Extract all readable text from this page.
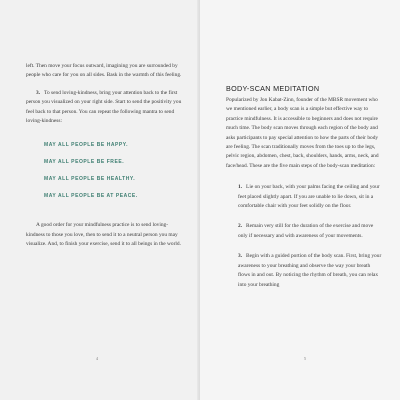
left. Then move your focus outward, imagining you are surrounded by people who care for you on all sides. Bask in the warmth of this feeling.

3. To send loving-kindness, bring your attention back to the first person you visualized on your right side. Start to send the positivity you feel back to that person. You can repeat the following mantra to send loving-kindness:

MAY ALL PEOPLE BE HAPPY.

MAY ALL PEOPLE BE FREE.

MAY ALL PEOPLE BE HEALTHY.

MAY ALL PEOPLE BE AT PEACE.

A good order for your mindfulness practice is to send loving-kindness to those you love, then to send it to a neutral person you may visualize. And, to finish your exercise, send it to all beings in the world.

4
BODY-SCAN MEDITATION

Popularized by Jon Kabat-Zinn, founder of the MBSR movement who we mentioned earlier, a body scan is a simple but effective way to practice mindfulness. It is accessible to beginners and does not require much time. The body scan moves through each region of the body and asks participants to pay special attention to how the parts of their body are feeling. The scan traditionally moves from the toes up to the legs, pelvic region, abdomen, chest, back, shoulders, hands, arms, neck, and face/head. These are the five main steps of the body-scan meditation:

1. Lie on your back, with your palms facing the ceiling and your feet placed slightly apart. If you are unable to lie down, sit in a comfortable chair with your feet solidly on the floor.

2. Remain very still for the duration of the exercise and move only if necessary and with awareness of your movements.

3. Begin with a guided portion of the body scan. First, bring your awareness to your breathing and observe the way your breath flows in and out. By noticing the rhythm of breath, you can relax into your breathing

5
